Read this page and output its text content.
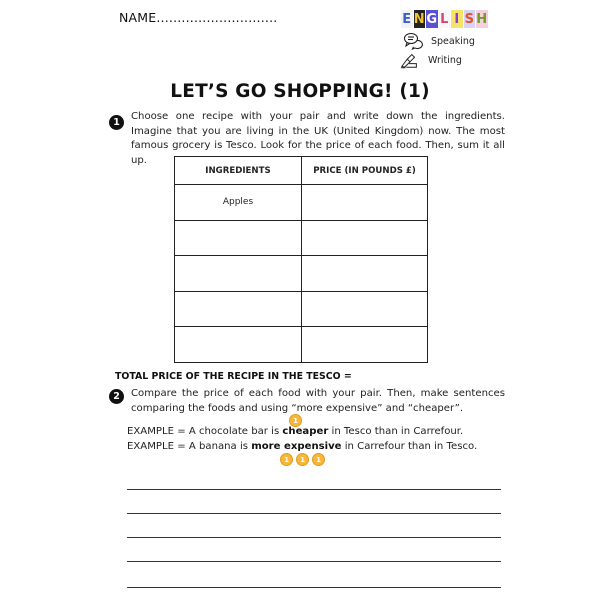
NAME.............................	E N G L I S H
Speaking
Writing
LET’S GO SHOPPING! (1)
1

Choose one recipe with your pair and write down the ingredients. Imagine that you are living in the UK (United Kingdom) now. The most famous grocery is Tesco. Look for the price of each food. Then, sum it all up.

INGREDIENTS	PRICE (IN POUNDS £)
Apples	

TOTAL PRICE OF THE RECIPE IN THE TESCO =
2	Compare the price of each food with your pair. Then, make sentences comparing the foods and using “more expensive” and “cheaper”.

1
EXAMPLE = A chocolate bar is cheaper in Tesco than in Carrefour.
EXAMPLE = A banana is more expensive in Carrefour than in Tesco.
1	1	1
